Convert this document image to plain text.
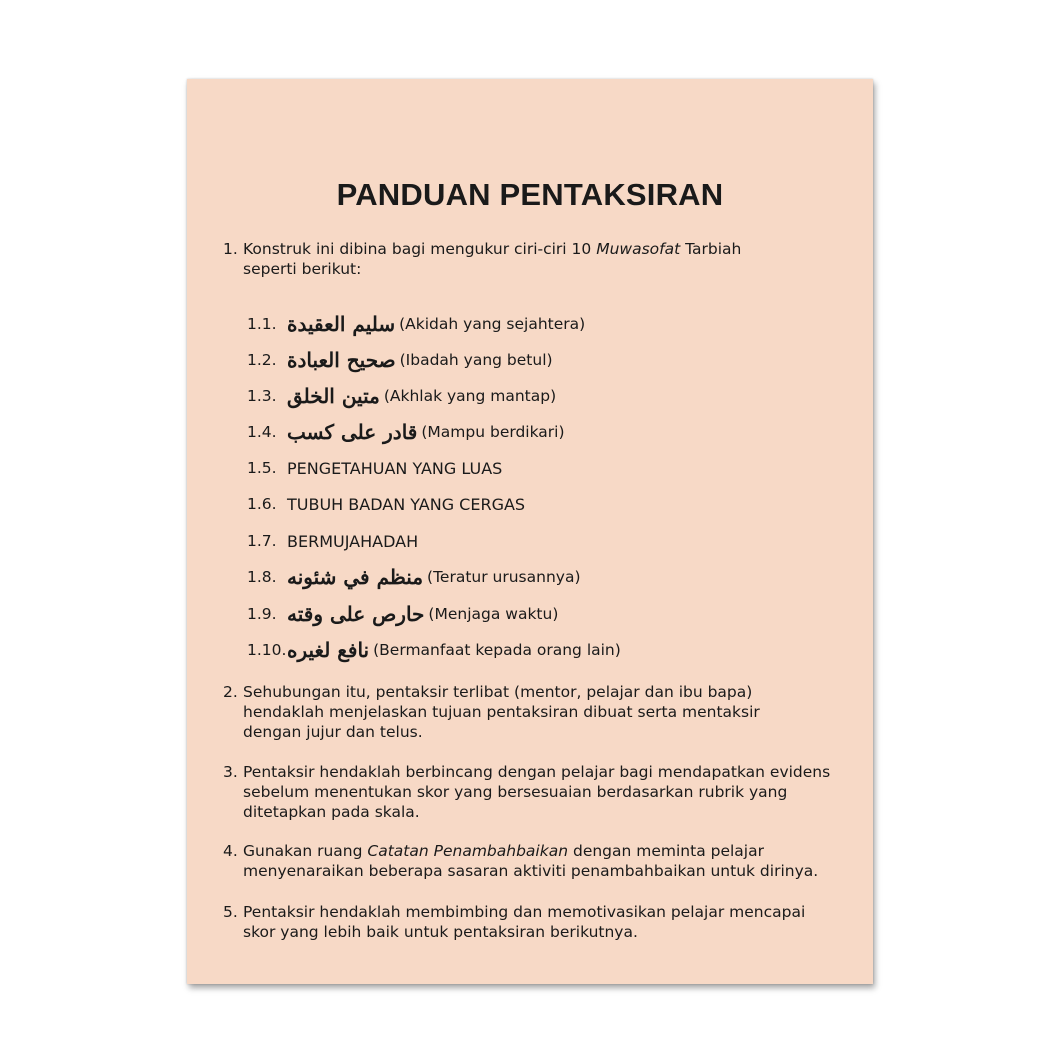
PANDUAN PENTAKSIRAN
1. Konstruk ini dibina bagi mengukur ciri-ciri 10 Muwasofat Tarbiah
seperti berikut:
1.1. سليم العقيدة (Akidah yang sejahtera)
1.2. صحيح العبادة (Ibadah yang betul)
1.3. متين الخلق (Akhlak yang mantap)
1.4. قادر على كسب (Mampu berdikari)
1.5. PENGETAHUAN YANG LUAS
1.6. TUBUH BADAN YANG CERGAS
1.7. BERMUJAHADAH
1.8. منظم في شئونه (Teratur urusannya)
1.9. حارص على وقته (Menjaga waktu)
1.10. نافع لغيره (Bermanfaat kepada orang lain)
2. Sehubungan itu, pentaksir terlibat (mentor, pelajar dan ibu bapa)
hendaklah menjelaskan tujuan pentaksiran dibuat serta mentaksir
dengan jujur dan telus.
3. Pentaksir hendaklah berbincang dengan pelajar bagi mendapatkan evidens
sebelum menentukan skor yang bersesuaian berdasarkan rubrik yang
ditetapkan pada skala.
4. Gunakan ruang Catatan Penambahbaikan dengan meminta pelajar
menyenaraikan beberapa sasaran aktiviti penambahbaikan untuk dirinya.
5. Pentaksir hendaklah membimbing dan memotivasikan pelajar mencapai
skor yang lebih baik untuk pentaksiran berikutnya.
